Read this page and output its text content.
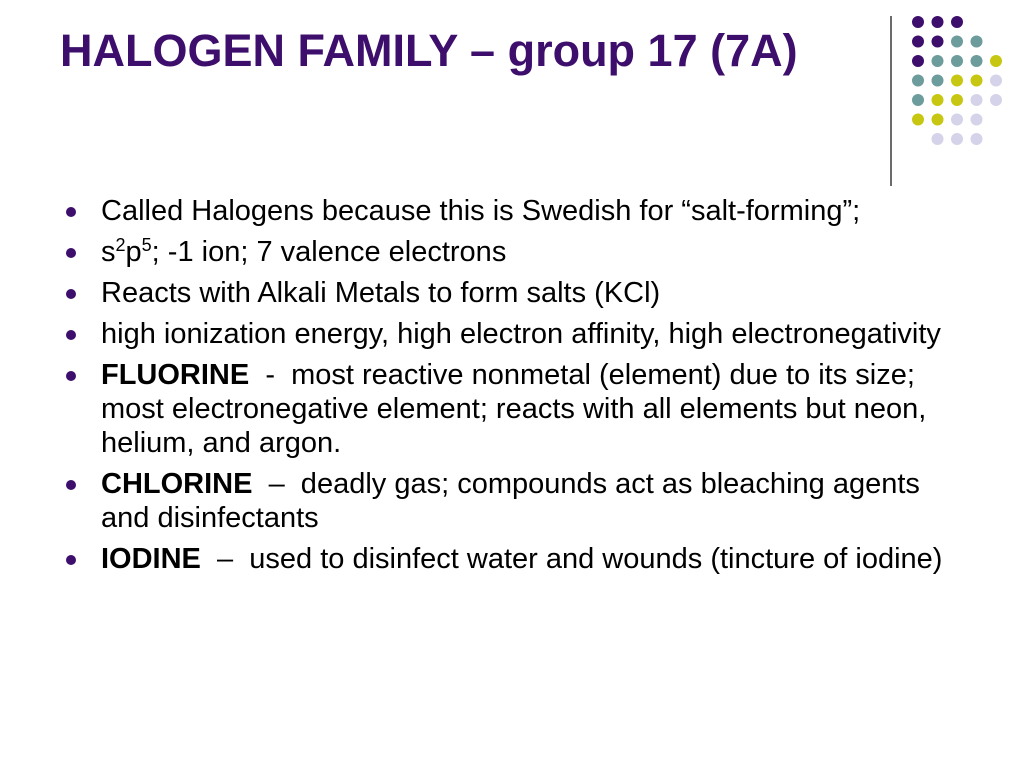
HALOGEN FAMILY – group 17 (7A)
Called Halogens because this is Swedish for “salt-forming”;
$s^2p^5$; -1 ion; 7 valence electrons
Reacts with Alkali Metals to form salts (KCl)
high ionization energy, high electron affinity, high electronegativity
FLUORINE  -  most reactive nonmetal (element) due to its size; most electronegative element; reacts with all elements but neon, helium, and argon.
CHLORINE  –  deadly gas; compounds act as bleaching agents and disinfectants
IODINE  –  used to disinfect water and wounds (tincture of iodine)
